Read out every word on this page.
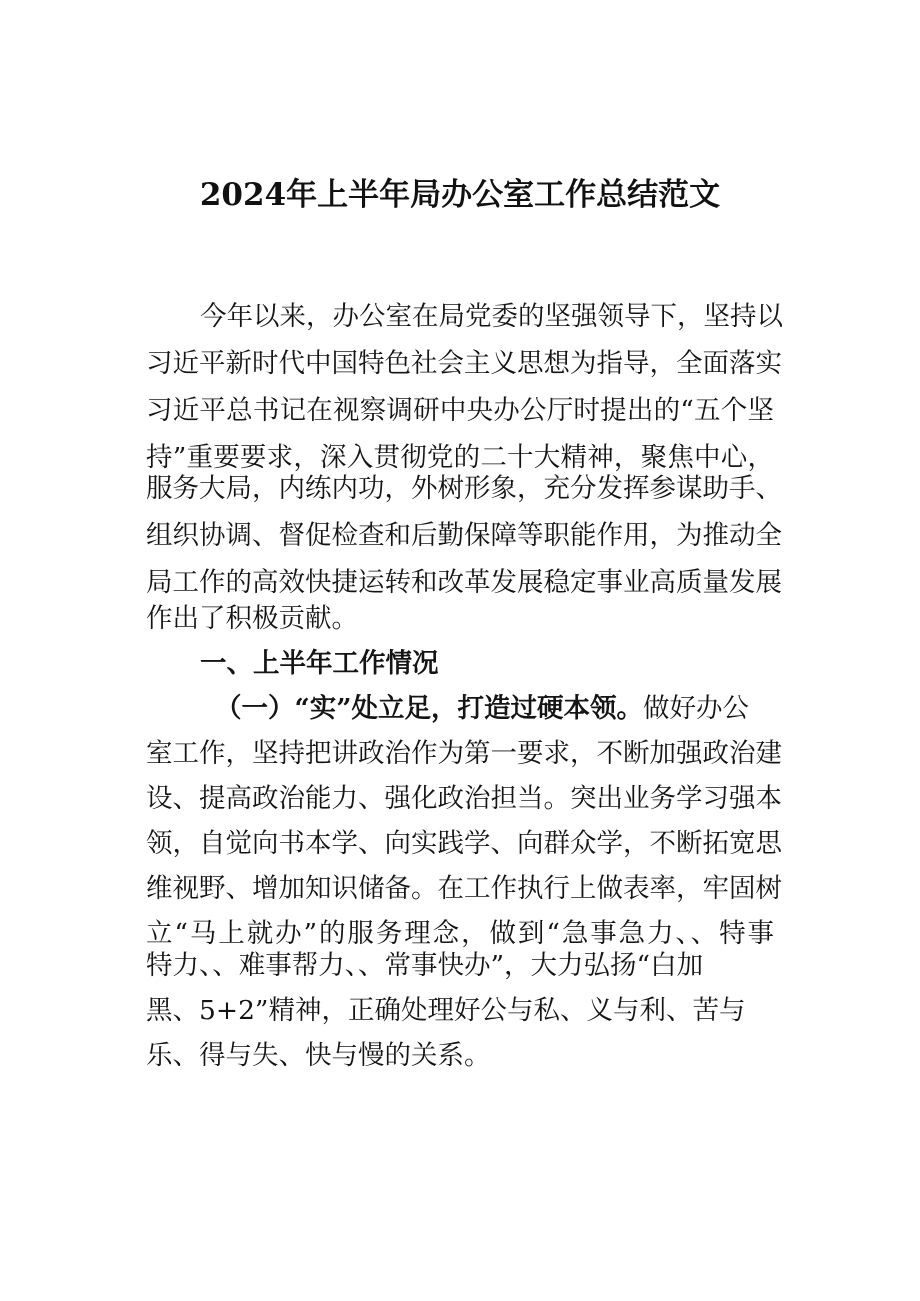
2024年上半年局办公室工作总结范文
今年以来，办公室在局党委的坚强领导下，坚持以
习近平新时代中国特色社会主义思想为指导，全面落实
习近平总书记在视察调研中央办公厅时提出的“五个坚
持”重要要求，深入贯彻党的二十大精神，聚焦中心，
服务大局，内练内功，外树形象，充分发挥参谋助手、
组织协调、督促检查和后勤保障等职能作用，为推动全
局工作的高效快捷运转和改革发展稳定事业高质量发展
作出了积极贡献。
一、上半年工作情况
（一）“实”处立足，打造过硬本领。做好办公
室工作，坚持把讲政治作为第一要求，不断加强政治建
设、提高政治能力、强化政治担当。突出业务学习强本
领，自觉向书本学、向实践学、向群众学，不断拓宽思
维视野、增加知识储备。在工作执行上做表率，牢固树
立“马上就办”的服务理念，做到“急事急力、、特事
特力、、难事帮力、、常事快办”，大力弘扬“白加
黑、5+2”精神，正确处理好公与私、义与利、苦与
乐、得与失、快与慢的关系。
